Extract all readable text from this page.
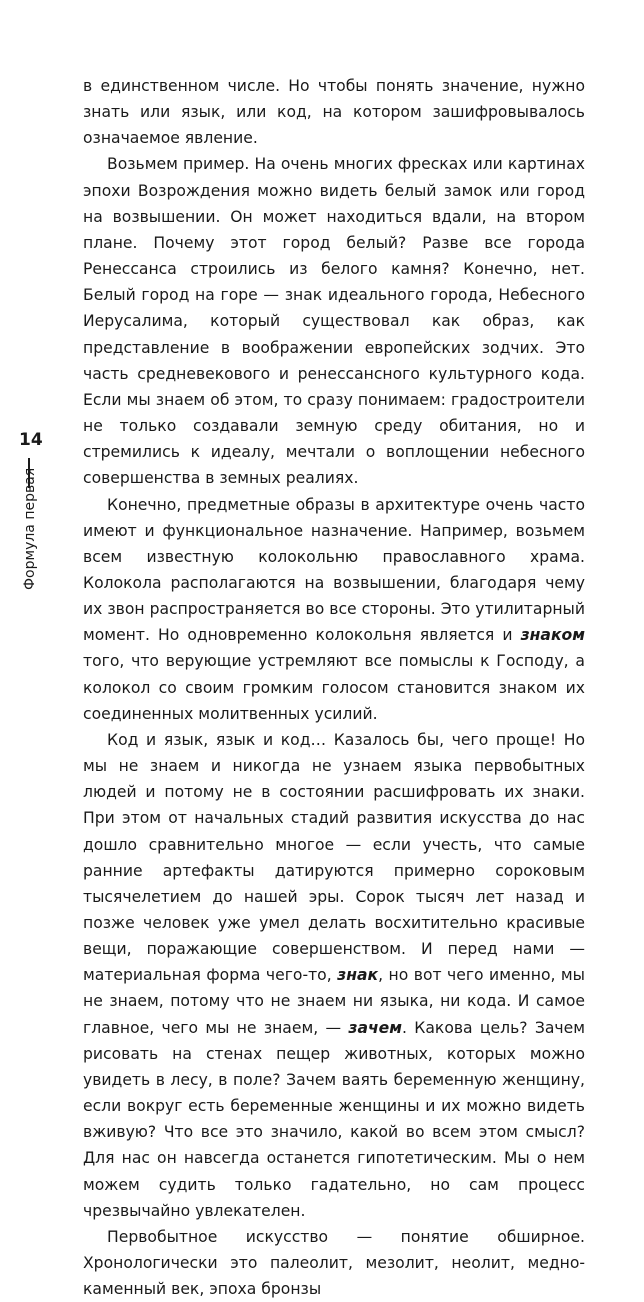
14
Формула первая

в единственном числе. Но чтобы понять значение, нужно знать или язык, или код, на котором зашифровывалось означаемое явление.

Возьмем пример. На очень многих фресках или картинах эпохи Возрождения можно видеть белый замок или город на возвышении. Он может находиться вдали, на втором плане. Почему этот город белый? Разве все города Ренессанса строились из белого камня? Конечно, нет. Белый город на горе — знак идеального города, Небесного Иерусалима, который существовал как образ, как представление в воображении европейских зодчих. Это часть средневекового и ренессансного культурного кода. Если мы знаем об этом, то сразу понимаем: градостроители не только создавали земную среду обитания, но и стремились к идеалу, мечтали о воплощении небесного совершенства в земных реалиях.

Конечно, предметные образы в архитектуре очень часто имеют и функциональное назначение. Например, возьмем всем известную колокольню православного храма. Колокола располагаются на возвышении, благодаря чему их звон распространяется во все стороны. Это утилитарный момент. Но одновременно колокольня является и знаком того, что верующие устремляют все помыслы к Господу, а колокол со своим громким голосом становится знаком их соединенных молитвенных усилий.

Код и язык, язык и код… Казалось бы, чего проще! Но мы не знаем и никогда не узнаем языка первобытных людей и потому не в состоянии расшифровать их знаки. При этом от начальных стадий развития искусства до нас дошло сравнительно многое — если учесть, что самые ранние артефакты датируются примерно сороковым тысячелетием до нашей эры. Сорок тысяч лет назад и позже человек уже умел делать восхитительно красивые вещи, поражающие совершенством. И перед нами — материальная форма чего-то, знак, но вот чего именно, мы не знаем, потому что не знаем ни языка, ни кода. И самое главное, чего мы не знаем, — зачем. Какова цель? Зачем рисовать на стенах пещер животных, которых можно увидеть в лесу, в поле? Зачем ваять беременную женщину, если вокруг есть беременные женщины и их можно видеть вживую? Что все это значило, какой во всем этом смысл? Для нас он навсегда останется гипотетическим. Мы о нем можем судить только гадательно, но сам процесс чрезвычайно увлекателен.

Первобытное искусство — понятие обширное. Хронологически это палеолит, мезолит, неолит, медно-каменный век, эпоха бронзы
